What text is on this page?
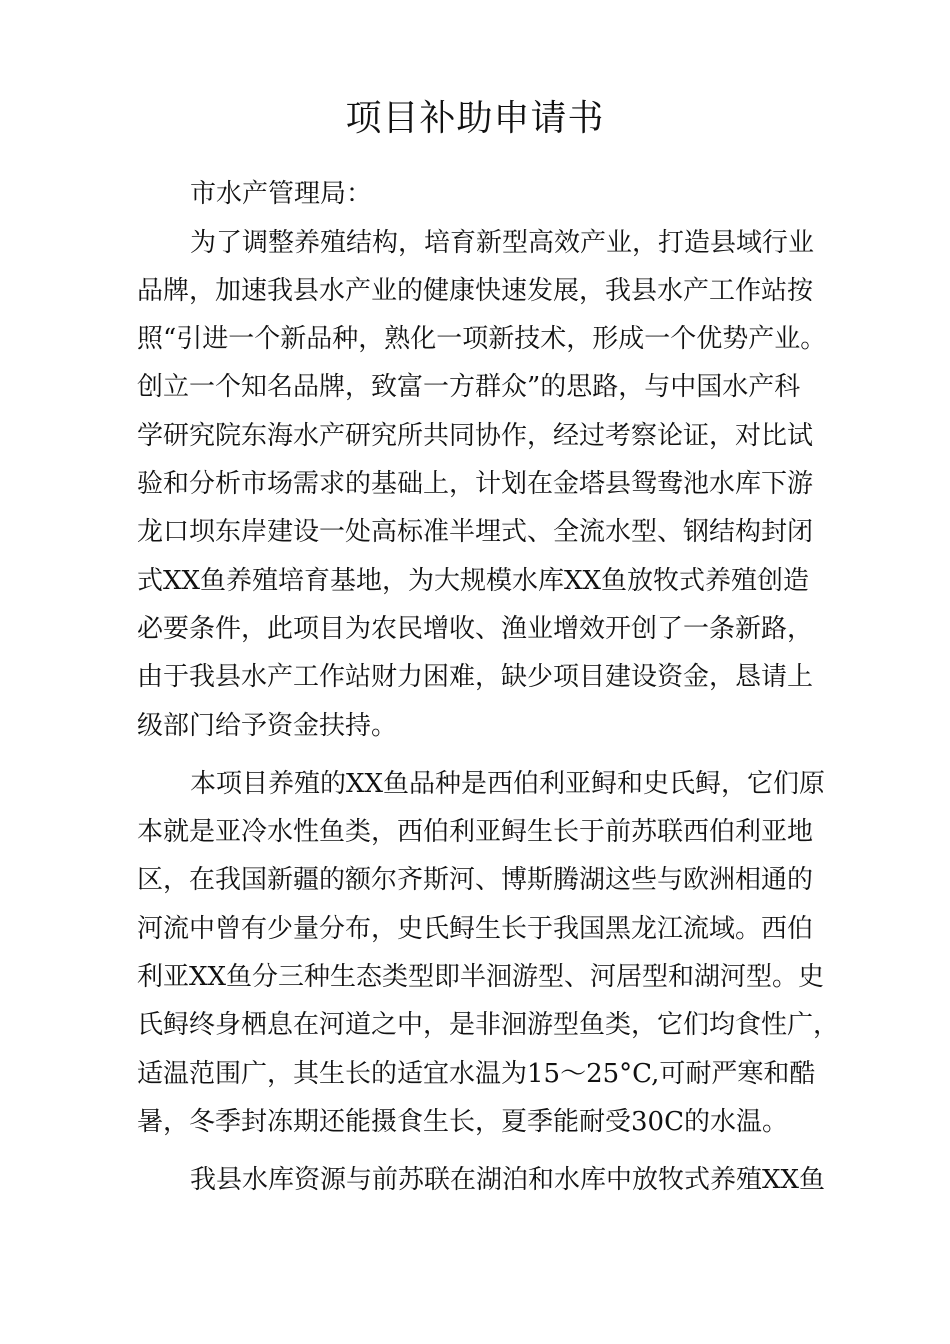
项目补助申请书

市水产管理局：

为了调整养殖结构，培育新型高效产业，打造县域行业

品牌，加速我县水产业的健康快速发展，我县水产工作站按

照“引进一个新品种，熟化一项新技术，形成一个优势产业。

创立一个知名品牌，致富一方群众”的思路，与中国水产科

学研究院东海水产研究所共同协作，经过考察论证，对比试

验和分析市场需求的基础上，计划在金塔县鸳鸯池水库下游

龙口坝东岸建设一处高标准半埋式、全流水型、钢结构封闭

式XX鱼养殖培育基地，为大规模水库XX鱼放牧式养殖创造

必要条件，此项目为农民增收、渔业增效开创了一条新路，

由于我县水产工作站财力困难，缺少项目建设资金，恳请上

级部门给予资金扶持。

本项目养殖的XX鱼品种是西伯利亚鲟和史氏鲟，它们原

本就是亚冷水性鱼类，西伯利亚鲟生长于前苏联西伯利亚地

区，在我国新疆的额尔齐斯河、博斯腾湖这些与欧洲相通的

河流中曾有少量分布，史氏鲟生长于我国黑龙江流域。西伯

利亚XX鱼分三种生态类型即半洄游型、河居型和湖河型。史

氏鲟终身栖息在河道之中，是非洄游型鱼类，它们均食性广，

适温范围广，其生长的适宜水温为15～25°C,可耐严寒和酷

暑，冬季封冻期还能摄食生长，夏季能耐受30C的水温。

我县水库资源与前苏联在湖泊和水库中放牧式养殖XX鱼
